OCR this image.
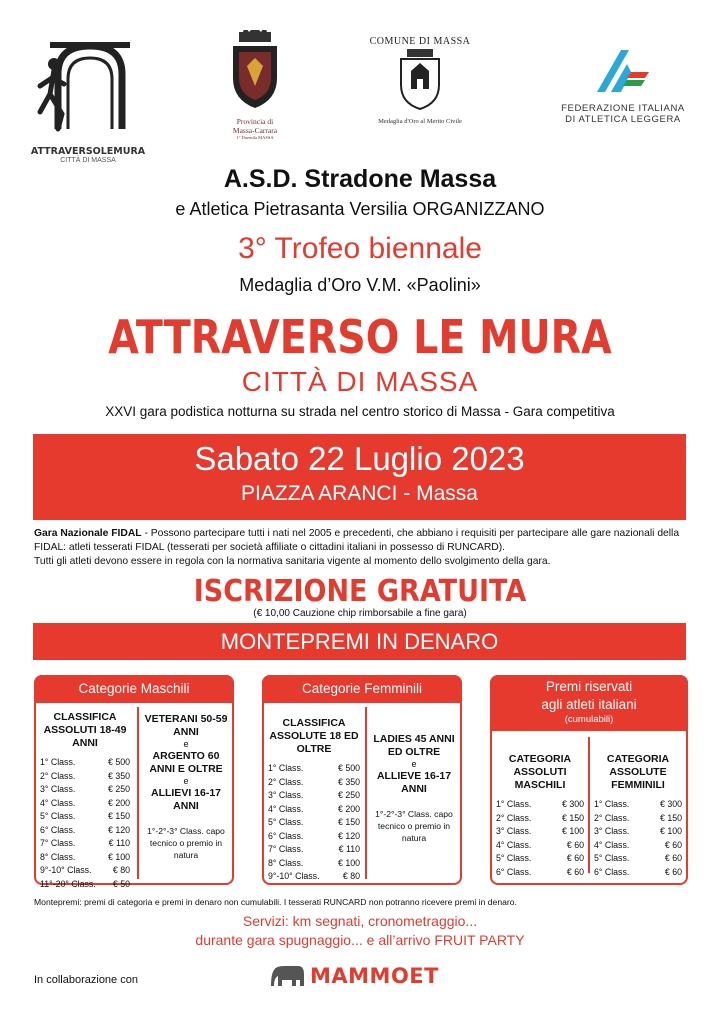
ATTRAVERSOLEMURA
CITTÀ DI MASSA
Provincia di
Massa-Carrara
1° Duemila MASSA
COMUNE DI MASSA
Medaglia d'Oro al Merito Civile
FEDERAZIONE ITALIANA
DI ATLETICA LEGGERA
A.S.D. Stradone Massa
e Atletica Pietrasanta Versilia ORGANIZZANO
3° Trofeo biennale
Medaglia d’Oro V.M. «Paolini»
ATTRAVERSO LE MURA
CITTÀ DI MASSA
XXVI gara podistica notturna su strada nel centro storico di Massa - Gara competitiva
Sabato 22 Luglio 2023
PIAZZA ARANCI - Massa
Gara Nazionale FIDAL - Possono partecipare tutti i nati nel 2005 e precedenti, che abbiano i requisiti per partecipare alle gare nazionali della FIDAL: atleti tesserati FIDAL (tesserati per società affiliate o cittadini italiani in possesso di RUNCARD).
Tutti gli atleti devono essere in regola con la normativa sanitaria vigente al momento dello svolgimento della gara.
ISCRIZIONE GRATUITA
(€ 10,00 Cauzione chip rimborsabile a fine gara)
MONTEPREMI IN DENARO
Categorie Maschili
CLASSIFICA ASSOLUTI 18-49 ANNI
1° Class.	€ 500
2° Class.	€ 350
3° Class.	€ 250
4° Class.	€ 200
5° Class.	€ 150
6° Class.	€ 120
7° Class.	€ 110
8° Class.	€ 100
9°-10° Class. € 80
11°-20° Class. € 50
VETERANI 50-59 ANNI
e
ARGENTO 60 ANNI E OLTRE
e
ALLIEVI 16-17 ANNI
1°-2°-3° Class. capo tecnico o premio in natura
Categorie Femminili
CLASSIFICA ASSOLUTE 18 ED OLTRE
1° Class.	€ 500
2° Class.	€ 350
3° Class.	€ 250
4° Class.	€ 200
5° Class.	€ 150
6° Class.	€ 120
7° Class.	€ 110
8° Class.	€ 100
9°-10° Class.	€ 80
LADIES 45 ANNI ED OLTRE
e
ALLIEVE 16-17 ANNI
1°-2°-3° Class. capo tecnico o premio in natura
Premi riservati
agli atleti italiani
(cumulabili)
CATEGORIA ASSOLUTI MASCHILI
1° Class.	€ 300
2° Class.	€ 150
3° Class.	€ 100
4° Class.	€ 60
5° Class.	€ 60
6° Class.	€ 60
CATEGORIA ASSOLUTE FEMMINILI
1° Class.	€ 300
2° Class.	€ 150
3° Class.	€ 100
4° Class.	€ 60
5° Class.	€ 60
6° Class.	€ 60
Montepremi: premi di categoria e premi in denaro non cumulabili. I tesserati RUNCARD non potranno ricevere premi in denaro.
Servizi: km segnati, cronometraggio...
durante gara spugnaggio... e all’arrivo FRUIT PARTY
In collaborazione con	MAMMOET
